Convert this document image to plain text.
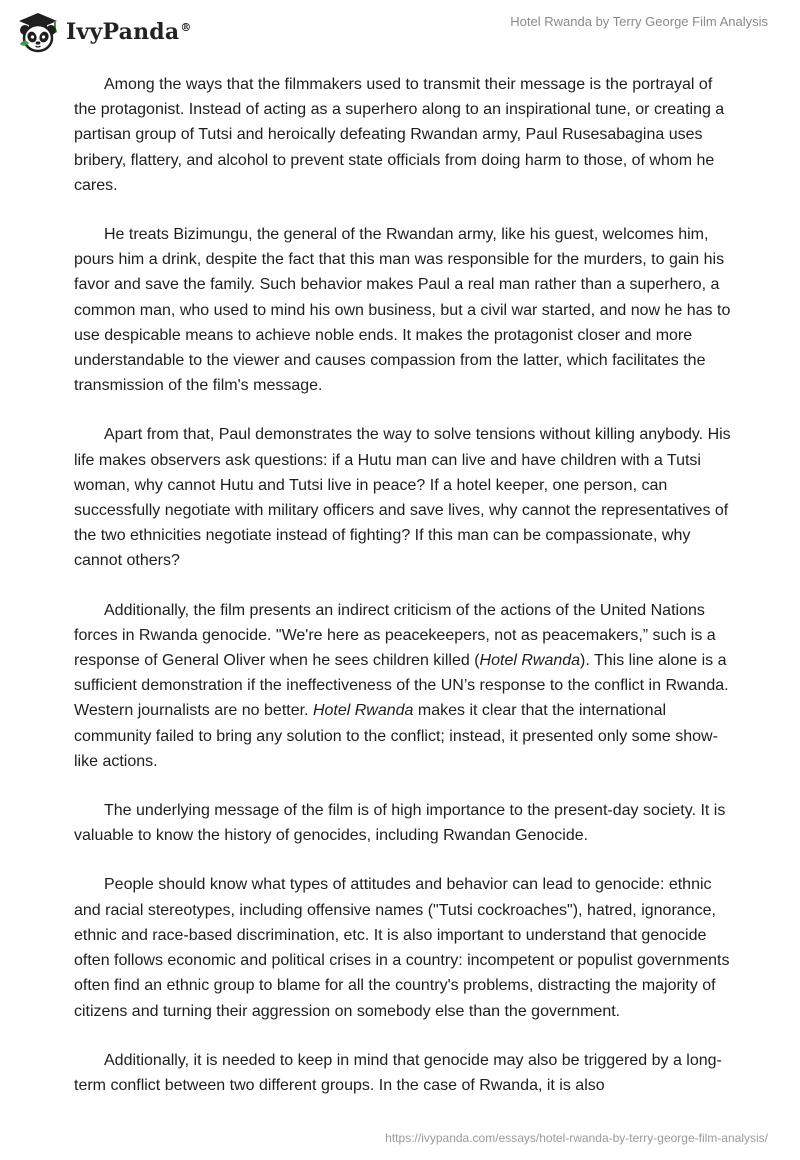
IvyPanda®	Hotel Rwanda by Terry George Film Analysis

Among the ways that the filmmakers used to transmit their message is the portrayal of the protagonist. Instead of acting as a superhero along to an inspirational tune, or creating a partisan group of Tutsi and heroically defeating Rwandan army, Paul Rusesabagina uses bribery, flattery, and alcohol to prevent state officials from doing harm to those, of whom he cares.

He treats Bizimungu, the general of the Rwandan army, like his guest, welcomes him, pours him a drink, despite the fact that this man was responsible for the murders, to gain his favor and save the family. Such behavior makes Paul a real man rather than a superhero, a common man, who used to mind his own business, but a civil war started, and now he has to use despicable means to achieve noble ends. It makes the protagonist closer and more understandable to the viewer and causes compassion from the latter, which facilitates the transmission of the film's message.

Apart from that, Paul demonstrates the way to solve tensions without killing anybody. His life makes observers ask questions: if a Hutu man can live and have children with a Tutsi woman, why cannot Hutu and Tutsi live in peace? If a hotel keeper, one person, can successfully negotiate with military officers and save lives, why cannot the representatives of the two ethnicities negotiate instead of fighting? If this man can be compassionate, why cannot others?

Additionally, the film presents an indirect criticism of the actions of the United Nations forces in Rwanda genocide. "We're here as peacekeepers, not as peacemakers,” such is a response of General Oliver when he sees children killed (Hotel Rwanda). This line alone is a sufficient demonstration if the ineffectiveness of the UN’s response to the conflict in Rwanda. Western journalists are no better. Hotel Rwanda makes it clear that the international community failed to bring any solution to the conflict; instead, it presented only some show-like actions.

The underlying message of the film is of high importance to the present-day society. It is valuable to know the history of genocides, including Rwandan Genocide.

People should know what types of attitudes and behavior can lead to genocide: ethnic and racial stereotypes, including offensive names ("Tutsi cockroaches"), hatred, ignorance, ethnic and race-based discrimination, etc. It is also important to understand that genocide often follows economic and political crises in a country: incompetent or populist governments often find an ethnic group to blame for all the country's problems, distracting the majority of citizens and turning their aggression on somebody else than the government.

Additionally, it is needed to keep in mind that genocide may also be triggered by a long-term conflict between two different groups. In the case of Rwanda, it is also

https://ivypanda.com/essays/hotel-rwanda-by-terry-george-film-analysis/
